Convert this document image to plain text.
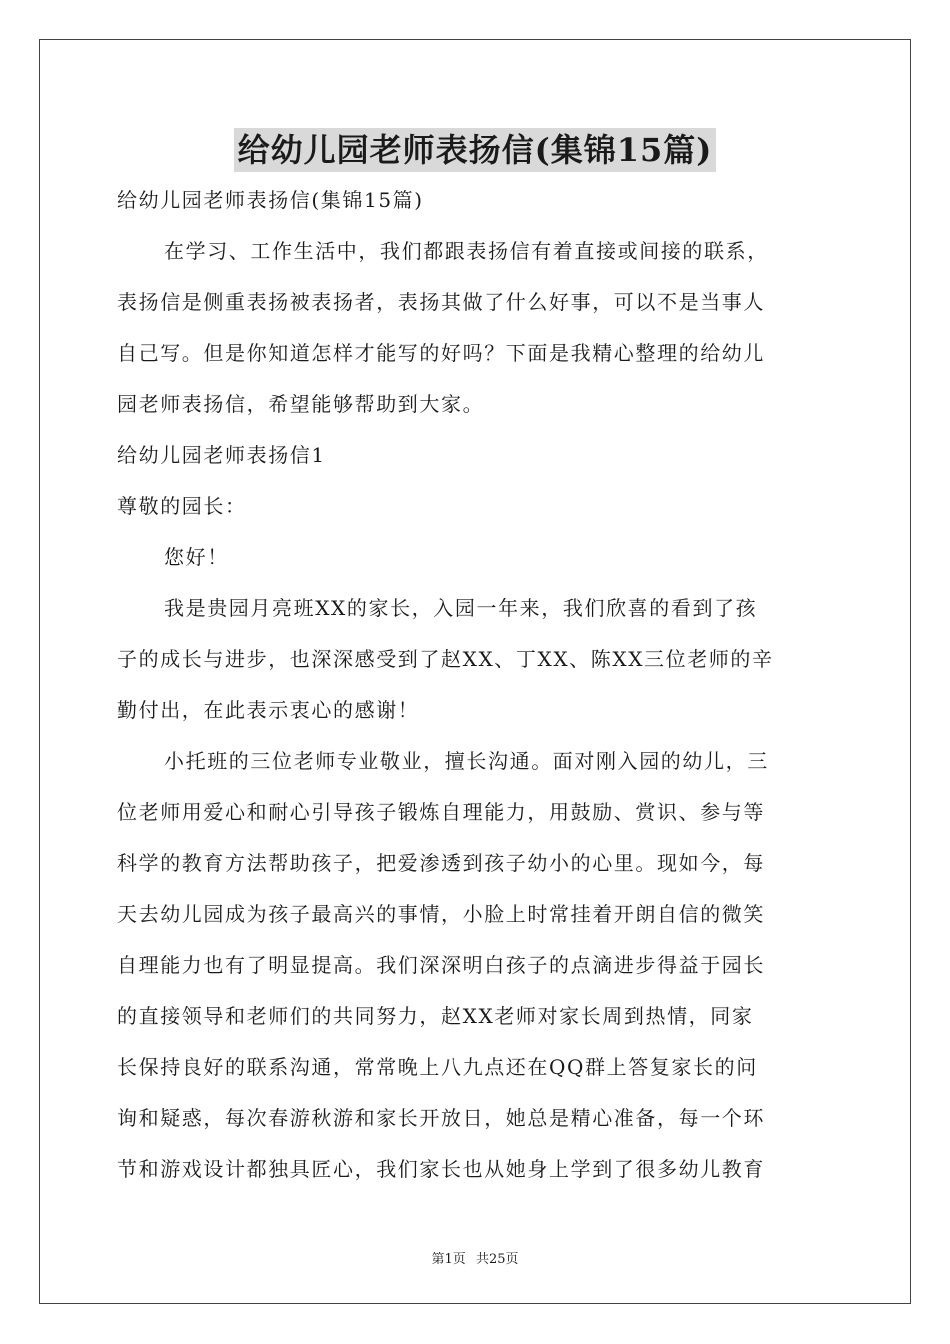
给幼儿园老师表扬信(集锦15篇)
给幼儿园老师表扬信(集锦15篇)
在学习、工作生活中，我们都跟表扬信有着直接或间接的联系，
表扬信是侧重表扬被表扬者，表扬其做了什么好事，可以不是当事人
自己写。但是你知道怎样才能写的好吗？下面是我精心整理的给幼儿
园老师表扬信，希望能够帮助到大家。
给幼儿园老师表扬信1
尊敬的园长：
您好！
我是贵园月亮班XX的家长，入园一年来，我们欣喜的看到了孩
子的成长与进步，也深深感受到了赵XX、丁XX、陈XX三位老师的辛
勤付出，在此表示衷心的感谢！
小托班的三位老师专业敬业，擅长沟通。面对刚入园的幼儿，三
位老师用爱心和耐心引导孩子锻炼自理能力，用鼓励、赏识、参与等
科学的教育方法帮助孩子，把爱渗透到孩子幼小的心里。现如今，每
天去幼儿园成为孩子最高兴的事情，小脸上时常挂着开朗自信的微笑
自理能力也有了明显提高。我们深深明白孩子的点滴进步得益于园长
的直接领导和老师们的共同努力，赵XX老师对家长周到热情，同家
长保持良好的联系沟通，常常晚上八九点还在QQ群上答复家长的问
询和疑惑，每次春游秋游和家长开放日，她总是精心准备，每一个环
节和游戏设计都独具匠心，我们家长也从她身上学到了很多幼儿教育
第1页 共25页
